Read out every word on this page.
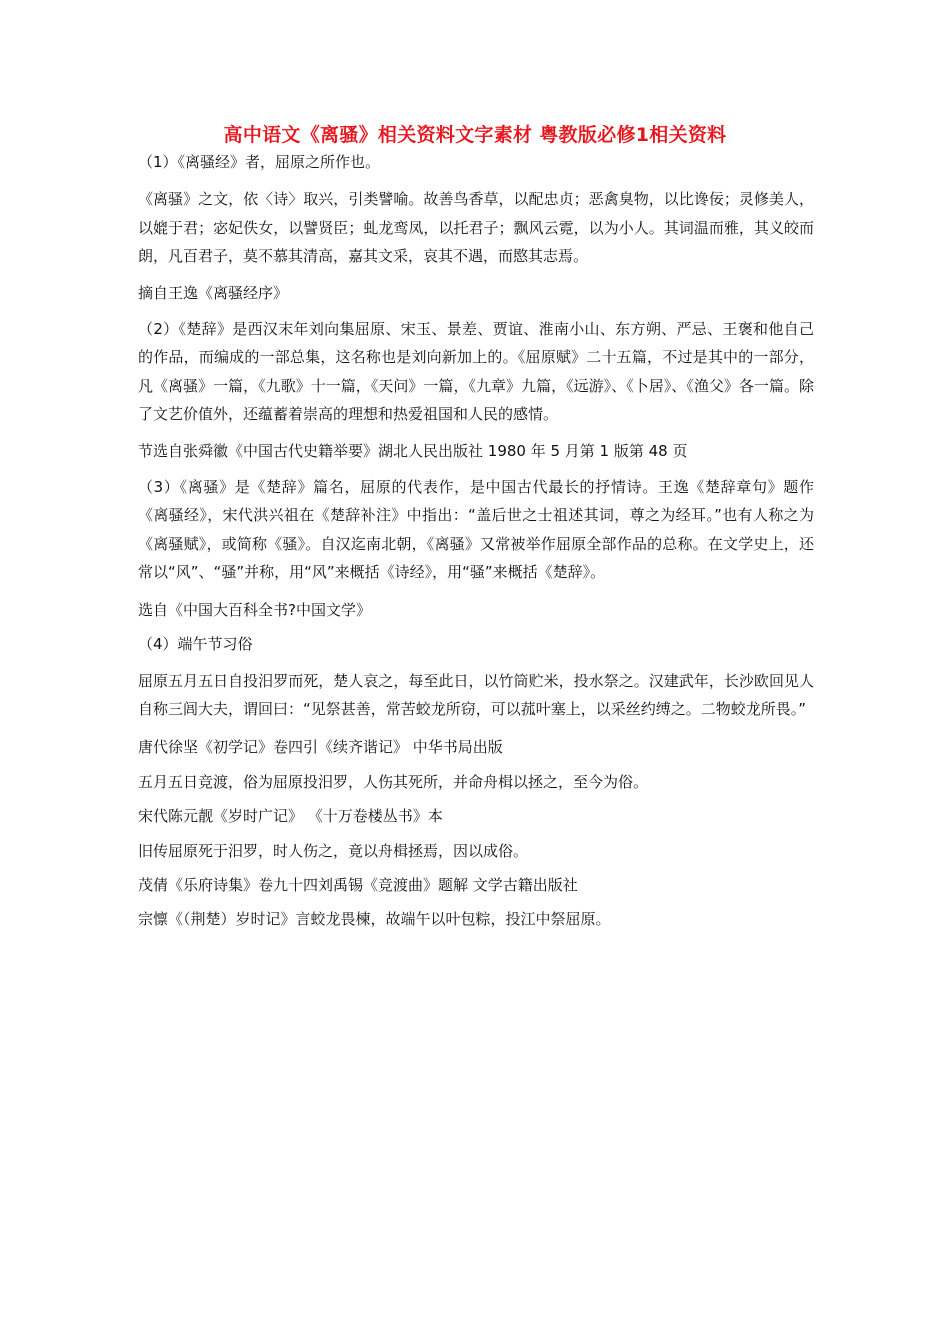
高中语文《离骚》相关资料文字素材 粤教版必修1相关资料

（1）《离骚经》者，屈原之所作也。

《离骚》之文，依〈诗〉取兴，引类譬喻。故善鸟香草，以配忠贞；恶禽臭物，以比谗佞；灵修美人，以媲于君；宓妃佚女，以譬贤臣；虬龙鸾凤，以托君子；飘风云霓，以为小人。其词温而雅，其义皎而朗，凡百君子，莫不慕其清高，嘉其文采，哀其不遇，而愍其志焉。

摘自王逸《离骚经序》

（2）《楚辞》是西汉末年刘向集屈原、宋玉、景差、贾谊、淮南小山、东方朔、严忌、王褒和他自己的作品，而编成的一部总集，这名称也是刘向新加上的。《屈原赋》二十五篇，不过是其中的一部分，凡《离骚》一篇，《九歌》十一篇，《天问》一篇，《九章》九篇，《远游》、《卜居》、《渔父》各一篇。除了文艺价值外，还蕴蓄着崇高的理想和热爱祖国和人民的感情。

节选自张舜徽《中国古代史籍举要》湖北人民出版社 1980 年 5 月第 1 版第 48 页

（3）《离骚》是《楚辞》篇名，屈原的代表作，是中国古代最长的抒情诗。王逸《楚辞章句》题作《离骚经》，宋代洪兴祖在《楚辞补注》中指出：“盖后世之士祖述其词，尊之为经耳。”也有人称之为《离骚赋》，或简称《骚》。自汉迄南北朝，《离骚》又常被举作屈原全部作品的总称。在文学史上，还常以“风”、“骚”并称，用“风”来概括《诗经》，用“骚”来概括《楚辞》。

选自《中国大百科全书?中国文学》

（4）端午节习俗

屈原五月五日自投汨罗而死，楚人哀之，每至此日，以竹筒贮米，投水祭之。汉建武年，长沙欧回见人自称三闾大夫，谓回曰：“见祭甚善，常苦蛟龙所窃，可以菰叶塞上，以采丝约缚之。二物蛟龙所畏。”

唐代徐坚《初学记》卷四引《续齐谐记》 中华书局出版

五月五日竞渡，俗为屈原投汨罗，人伤其死所，并命舟楫以拯之，至今为俗。

宋代陈元靓《岁时广记》 《十万卷楼丛书》本

旧传屈原死于汨罗，时人伤之，竟以舟楫拯焉，因以成俗。

茂倩《乐府诗集》卷九十四刘禹锡《竞渡曲》题解 文学古籍出版社

宗懔《（荆楚）岁时记》言蛟龙畏楝，故端午以叶包粽，投江中祭屈原。
